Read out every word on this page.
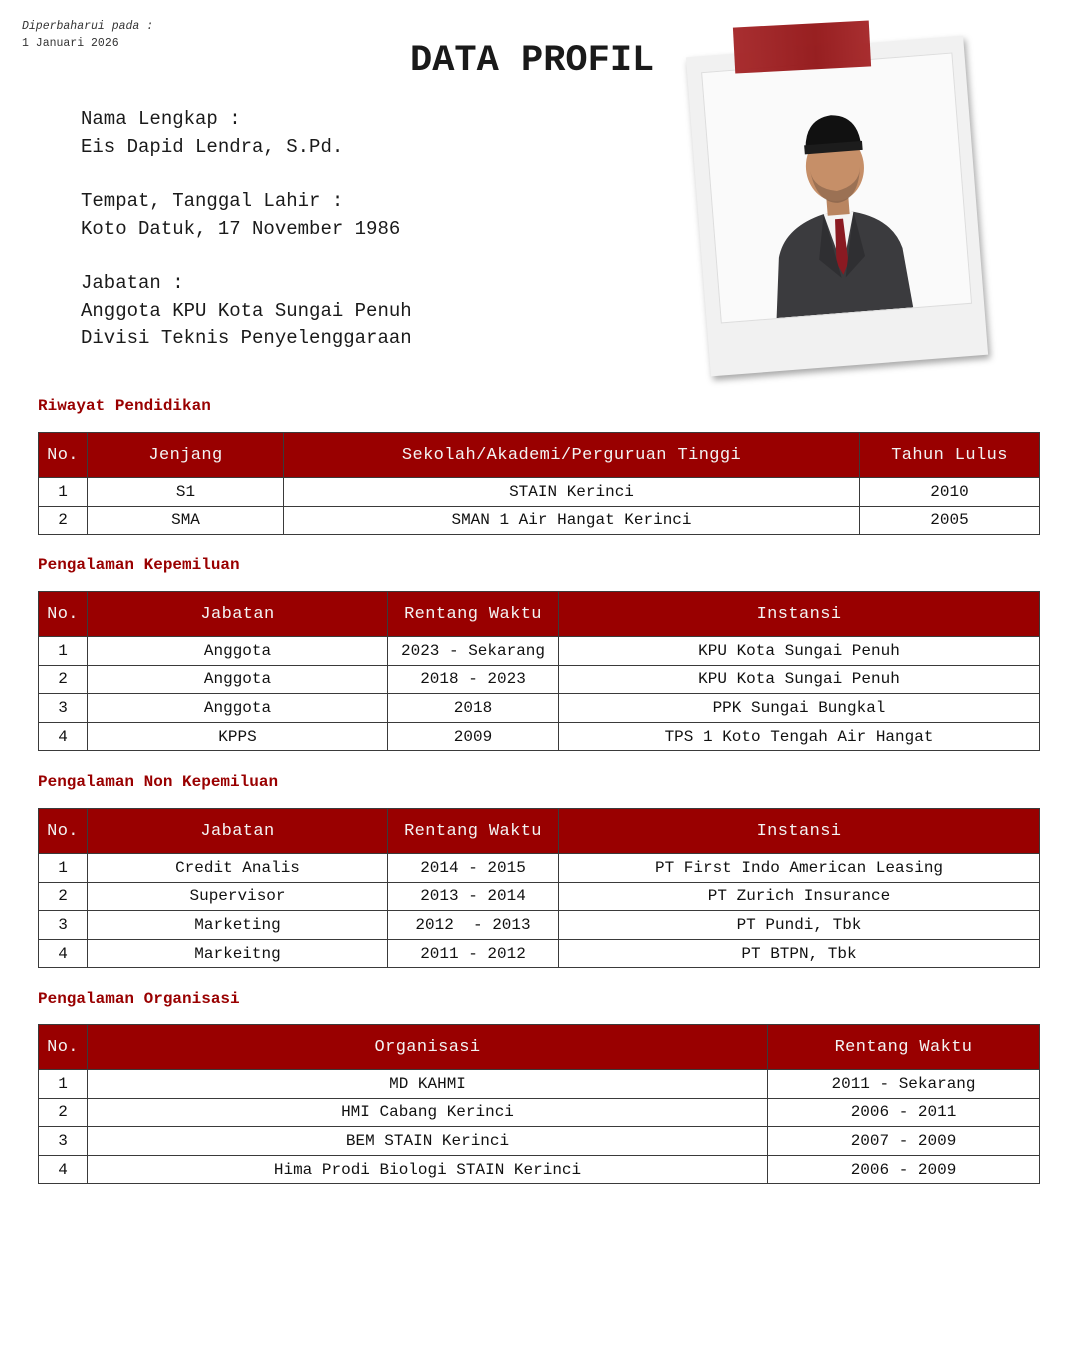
Diperbaharui pada :
1 Januari 2026	DATA PROFIL
Nama Lengkap :
Eis Dapid Lendra, S.Pd.
Tempat, Tanggal Lahir :
Koto Datuk, 17 November 1986
Jabatan :
Anggota KPU Kota Sungai Penuh
Divisi Teknis Penyelenggaraan
Riwayat Pendidikan
No.	Jenjang	Sekolah/Akademi/Perguruan Tinggi	Tahun Lulus
1	S1	STAIN Kerinci	2010
2	SMA	SMAN 1 Air Hangat Kerinci	2005
Pengalaman Kepemiluan
No.	Jabatan	Rentang Waktu	Instansi
1	Anggota	2023 - Sekarang	KPU Kota Sungai Penuh
2	Anggota	2018 - 2023	KPU Kota Sungai Penuh
3	Anggota	2018	PPK Sungai Bungkal
4	KPPS	2009	TPS 1 Koto Tengah Air Hangat
Pengalaman Non Kepemiluan
No.	Jabatan	Rentang Waktu	Instansi
1	Credit Analis	2014 - 2015	PT First Indo American Leasing
2	Supervisor	2013 - 2014	PT Zurich Insurance
3	Marketing	2012  - 2013	PT Pundi, Tbk
4	Markeitng	2011 - 2012	PT BTPN, Tbk
Pengalaman Organisasi
No.	Organisasi	Rentang Waktu
1	MD KAHMI	2011 - Sekarang
2	HMI Cabang Kerinci	2006 - 2011
3	BEM STAIN Kerinci	2007 - 2009
4	Hima Prodi Biologi STAIN Kerinci	2006 - 2009
